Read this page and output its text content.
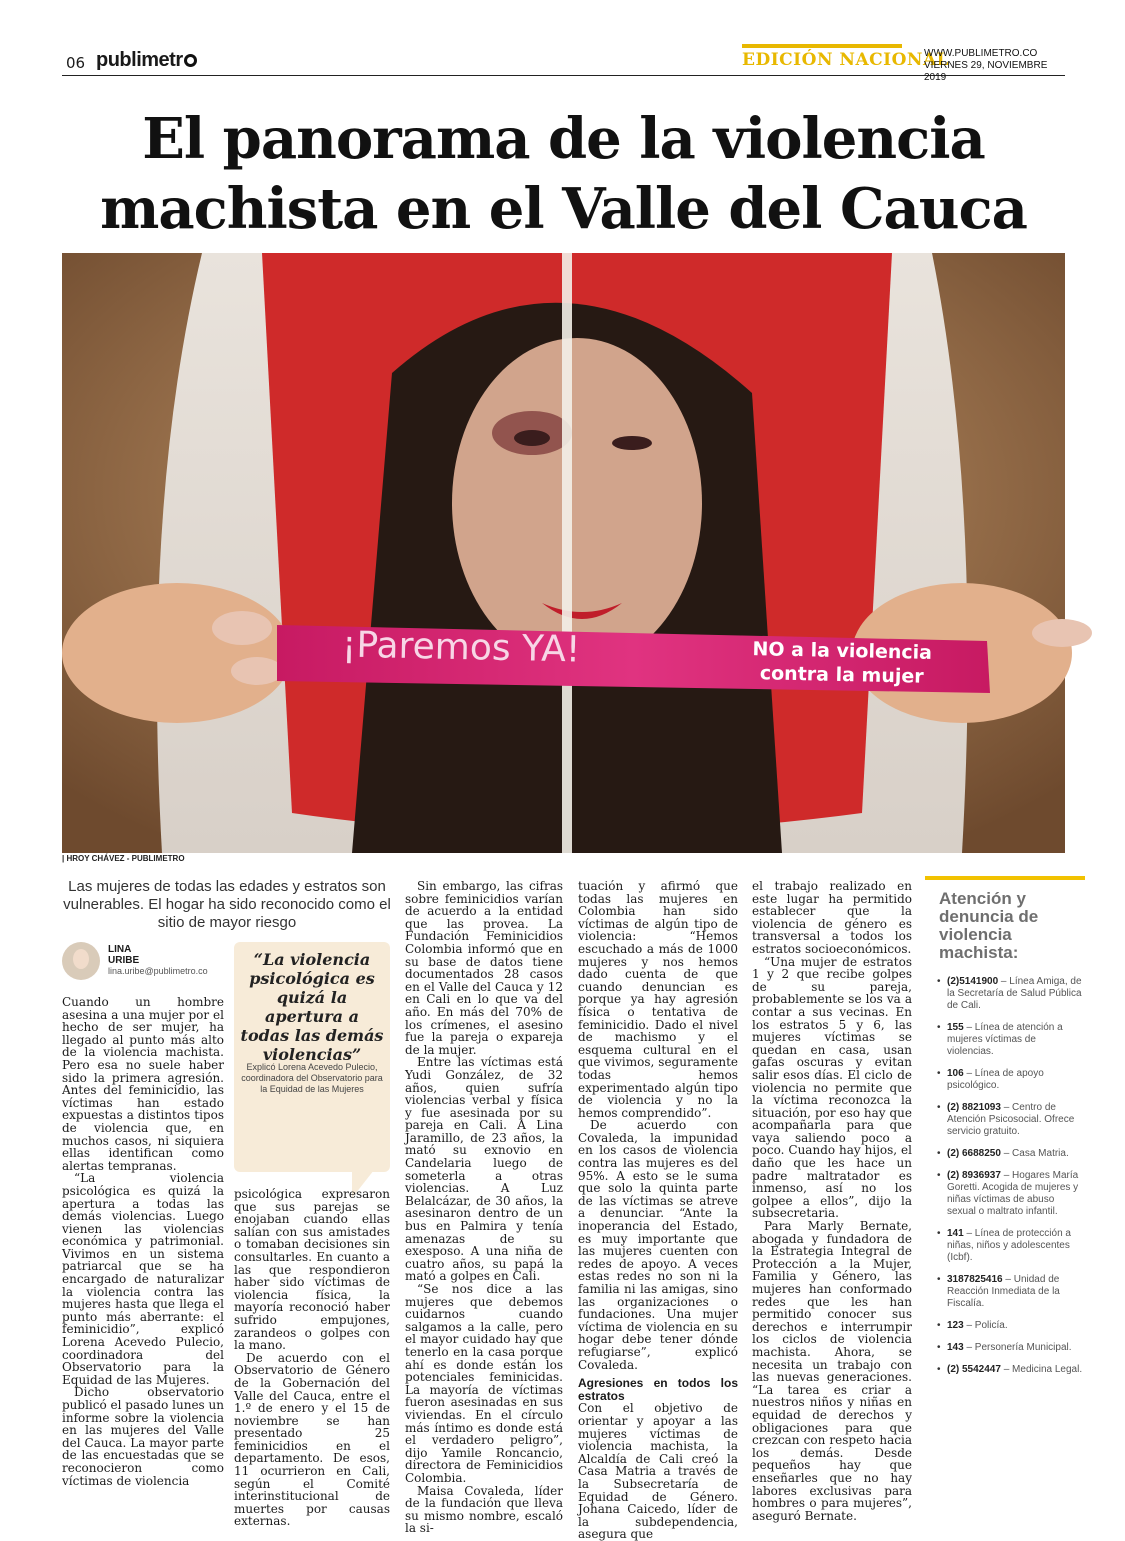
06 publimetr	EDICIÓN NACIONAL
WWW.PUBLIMETRO.CO
VIERNES 29, NOVIEMBRE 2019
El panorama de la violencia
machista en el Valle del Cauca
¡Paremos YA!	NO a la violencia
contra la mujer
| HROY CHÁVEZ - PUBLIMETRO
Las mujeres de todas las edades y estratos son vulnerables. El hogar ha sido reconocido como el sitio de mayor riesgo
LINA
URIBE
lina.uribe@publimetro.co
“La violencia psicológica es quizá la apertura a todas las demás violencias”
Explicó Lorena Acevedo Pulecio, coordinadora del Observatorio para la Equidad de las Mujeres

Cuando un hombre asesina a una mujer por el hecho de ser mujer, ha llegado al punto más alto de la violencia machista. Pero esa no suele haber sido la primera agresión. Antes del feminicidio, las víctimas han estado expuestas a distintos tipos de violencia que, en muchos casos, ni siquiera ellas identifican como alertas tempranas.

“La violencia psicológica es quizá la apertura a todas las demás violencias. Luego vienen las violencias económica y patrimonial. Vivimos en un sistema patriarcal que se ha encargado de naturalizar la violencia contra las mujeres hasta que llega el punto más aberrante: el feminicidio”, explicó Lorena Acevedo Pulecio, coordinadora del Observatorio para la Equidad de las Mujeres.

Dicho observatorio publicó el pasado lunes un informe sobre la violencia en las mujeres del Valle del Cauca. La mayor parte de las encuestadas que se reconocieron como víctimas de violencia

psicológica expresaron que sus parejas se enojaban cuando ellas salían con sus amistades o tomaban decisiones sin consultarles. En cuanto a las que respondieron haber sido víctimas de violencia física, la mayoría reconoció haber sufrido empujones, zarandeos o golpes con la mano.

De acuerdo con el Observatorio de Género de la Gobernación del Valle del Cauca, entre el 1.º de enero y el 15 de noviembre se han presentado 25 feminicidios en el departamento. De esos, 11 ocurrieron en Cali, según el Comité interinstitucional de muertes por causas externas.

Sin embargo, las cifras sobre feminicidios varían de acuerdo a la entidad que las provea. La Fundación Feminicidios Colombia informó que en su base de datos tiene documentados 28 casos en el Valle del Cauca y 12 en Cali en lo que va del año. En más del 70% de los crímenes, el asesino fue la pareja o expareja de la mujer.

Entre las víctimas está Yudi González, de 32 años, quien sufría violencias verbal y física y fue asesinada por su pareja en Cali. A Lina Jaramillo, de 23 años, la mató su exnovio en Candelaria luego de someterla a otras violencias. A Luz Belalcázar, de 30 años, la asesinaron dentro de un bus en Palmira y tenía amenazas de su exesposo. A una niña de cuatro años, su papá la mató a golpes en Cali.

“Se nos dice a las mujeres que debemos cuidarnos cuando salgamos a la calle, pero el mayor cuidado hay que tenerlo en la casa porque ahí es donde están los potenciales feminicidas. La mayoría de víctimas fueron asesinadas en sus viviendas. En el círculo más íntimo es donde está el verdadero peligro”, dijo Yamile Roncancio, directora de Feminicidios Colombia.

Maisa Covaleda, líder de la fundación que lleva su mismo nombre, escaló la si-

tuación y afirmó que todas las mujeres en Colombia han sido víctimas de algún tipo de violencia: “Hemos escuchado a más de 1000 mujeres y nos hemos dado cuenta de que cuando denuncian es porque ya hay agresión física o tentativa de feminicidio. Dado el nivel de machismo y el esquema cultural en el que vivimos, seguramente todas hemos experimentado algún tipo de violencia y no la hemos comprendido”.

De acuerdo con Covaleda, la impunidad en los casos de violencia contra las mujeres es del 95%. A esto se le suma que solo la quinta parte de las víctimas se atreve a denunciar. “Ante la inoperancia del Estado, es muy importante que las mujeres cuenten con redes de apoyo. A veces estas redes no son ni la familia ni las amigas, sino las organizaciones o fundaciones. Una mujer víctima de violencia en su hogar debe tener dónde refugiarse”, explicó Covaleda.

Agresiones en todos los estratos

Con el objetivo de orientar y apoyar a las mujeres víctimas de violencia machista, la Alcaldía de Cali creó la Casa Matria a través de la Subsecretaría de Equidad de Género. Johana Caicedo, líder de la subdependencia, asegura que

el trabajo realizado en este lugar ha permitido establecer que la violencia de género es transversal a todos los estratos socioeconómicos.

“Una mujer de estratos 1 y 2 que recibe golpes de su pareja, probablemente se los va a contar a sus vecinas. En los estratos 5 y 6, las mujeres víctimas se quedan en casa, usan gafas oscuras y evitan salir esos días. El ciclo de violencia no permite que la víctima reconozca la situación, por eso hay que acompañarla para que vaya saliendo poco a poco. Cuando hay hijos, el daño que les hace un padre maltratador es inmenso, así no los golpee a ellos”, dijo la subsecretaria.

Para Marly Bernate, abogada y fundadora de la Estrategia Integral de Protección a la Mujer, Familia y Género, las mujeres han conformado redes que les han permitido conocer sus derechos e interrumpir los ciclos de violencia machista. Ahora, se necesita un trabajo con las nuevas generaciones. “La tarea es criar a nuestros niños y niñas en equidad de derechos y obligaciones para que crezcan con respeto hacia los demás. Desde pequeños hay que enseñarles que no hay labores exclusivas para hombres o para mujeres”, aseguró Bernate.

Atención y denuncia de violencia machista:
• (2)5141900 – Línea Amiga, de la Secretaría de Salud Pública de Cali.
• 155 – Línea de atención a mujeres víctimas de violencias.
• 106 – Línea de apoyo psicológico.
• (2) 8821093 – Centro de Atención Psicosocial. Ofrece servicio gratuito.
• (2) 6688250 – Casa Matria.
• (2) 8936937 – Hogares María Goretti. Acogida de mujeres y niñas víctimas de abuso sexual o maltrato infantil.
• 141 – Línea de protección a niñas, niños y adolescentes (Icbf).
• 3187825416 – Unidad de Reacción Inmediata de la Fiscalía.
• 123 – Policía.
• 143 – Personería Municipal.
• (2) 5542447 – Medicina Legal.
